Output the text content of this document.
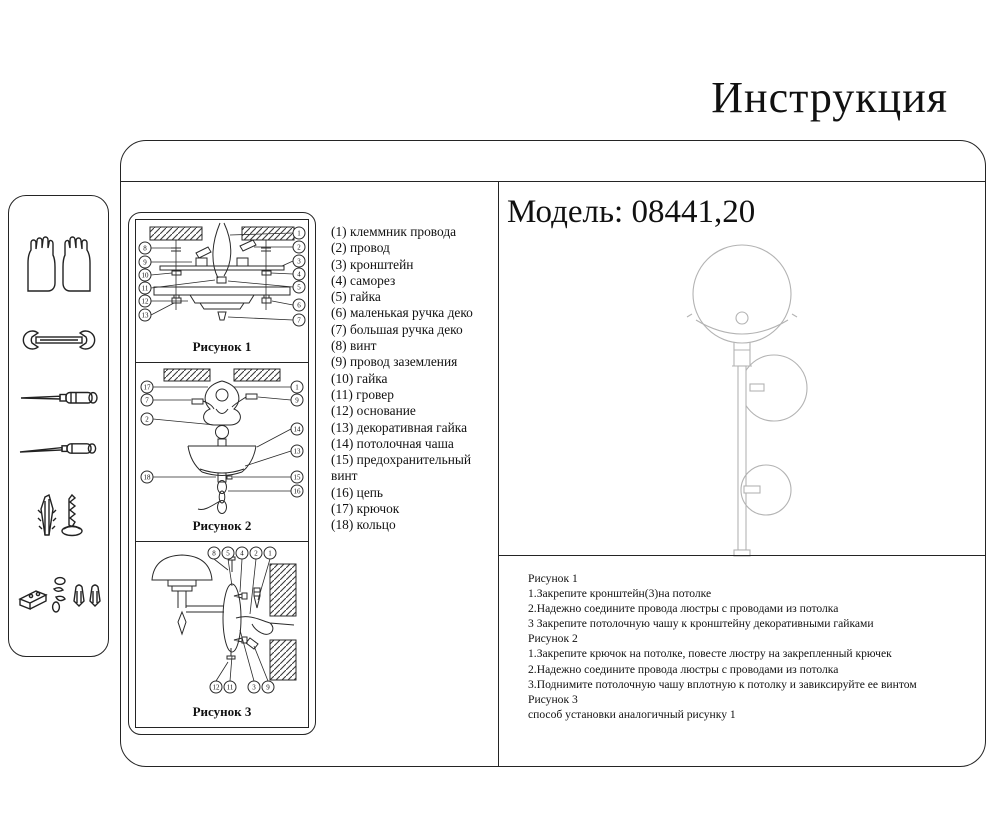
Инструкция
8
9
10
11
12
13
1
2
3
4
5
6
7
Рисунок 1
17
7
2
18
1
9
14
13
15
16
Рисунок 2
8 5 4 2 1
12 11	3 9
Рисунок 3
(1) клеммник провода
(2) провод
(3) кронштейн
(4) саморез
(5) гайка
(6) маленькая ручка деко
(7) большая ручка деко
(8) винт
(9) провод заземления
(10) гайка
(11) гровер
(12) основание
(13) декоративная гайка
(14) потолочная чаша
(15) предохранительный винт
(16) цепь
(17) крючок
(18) кольцо
Модель: 08441,20
Рисунок 1
1.Закрепите кронштейн(3)на потолке
2.Надежно соедините провода люстры с проводами из потолка
3 Закрепите потолочную чашу к кронштейну декоративными гайками
Рисунок 2
1.Закрепите крючок на потолке, повесте люстру на закрепленный крючек
2.Надежно соедините провода люстры с проводами из потолка
3.Поднимите потолочную чашу вплотную к потолку и завиксируйте ее винтом
Рисунок 3
способ установки аналогичный рисунку 1
